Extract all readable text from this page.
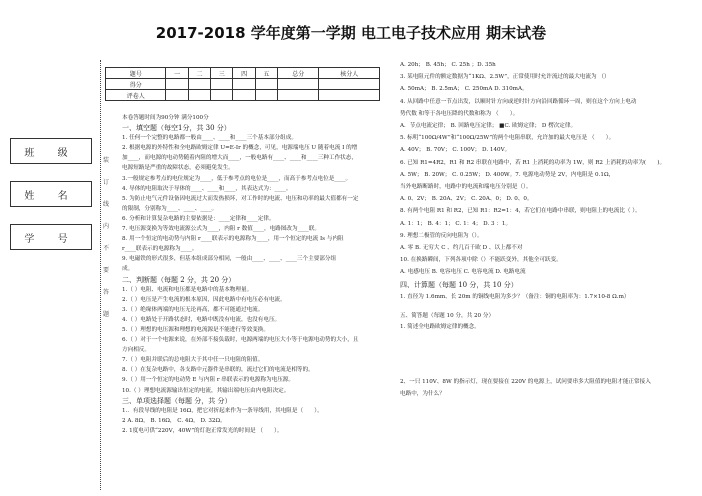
2017-2018 学年度第一学期 电工电子技术应用 期末试卷
班 级
姓 名
学 号
装订线内不要答题
题号	一	二	三	四	五	总分	核分人
得分							
评卷人							
本卷答题时间为90分钟 满分100分
一、填空题（每空1分，共 30 分）
1. 任何一个完整的电路都一般由____、____和____三个基本部分组成。
2. 根据电源的外特性和全电路欧姆定律 U=E-Ir 的概念，可见，电源端电压 U 随着电流 I 的增
加____，而电源的电动势随着内阻的增大而____，一般电路有____、____和____三种工作状态，
电源短路是严重的故障状态，必须避免发生。
3.一般规定参考点的电位规定为____，低于参考点的电位是____，而高于参考点电位是____。
4. 导体的电阻取决于导体的____、____和____，其表达式为：____。
5. 为防止电气元件设备因电流过大而发热损坏，对工作时的电流、电压和功率的最大值都有一定
的限制，分别称为____、____、____。
6. 分析和计算复杂电路的主要依据是：____定律和____定律。
7. 电压源变换为等效电流源公式为____，内阻 r 数值____，电路图改为____联。
8. 用一个恒定的电动势与内阻 r____联表示的电源称为____，用一个恒定的电流 Is 与内阻
r____联表示的电源称为____。
9. 电磁铁的形式很多，但基本组成部分相同，一般由____、____、____三个主要部分组
成。
二、判断题（每题 2 分，共 20 分）
1.（ ）电阻、电流和电压都是电路中的基本物理量。
2.（ ）电压是产生电流的根本原因，因此电路中有电压必有电流。
3.（ ）绝缘体两端的电压无论再高，都不可能通过电流。
4.（ ）电路处于开路状态时，电路中既没有电流，也没有电压。
5.（ ）理想的电压源和理想的电流源是不能进行等效变换。
6.（ ）对于一个电源来说，在外部不接负载时，电源两端的电压大小等于电源电动势的大小，且
方向相反。
7.（ ）电阻并联后的总电阻大于其中任一只电阻的阻值。
8.（ ）在复杂电路中，各支路中元器件是串联的，流过它们的电流是相等的。
9.（ ）用一个恒定的电动势 E 与内阻 r 串联表示的电源称为电压源。
10.（ ）理想电流源输出恒定的电流，其输出端电压由内电阻决定。
三、单项选择题（每题 分，共 分）
1.．有段导线的电阻是 16Ω，把它对折起来作为一条导线用，其电阻是（　　）。
2 A. 8Ω， B. 16Ω， C. 4Ω， D. 32Ω。
2. 1度电可供“220V，40W”的灯泡正常发光的时间是 （　　）。
A. 20h； B. 45h； C. 25h ；D. 35h
3. 某电阻元件的额定数据为“1KΩ、2.5W”，正常使用时允许流过的最大电流为 （）
A. 50mA； B. 2.5mA； C. 250mA D. 310mA。
4. 从回路中任意一节点出发，以顺时针方向或逆时针方向沿回路循环一周，则在这个方向上电动
势代数 和等于各电压降的代数和称为 （　　）。
A．节点电流定律； B. 回路电压定律； ■C. 欧姆定律； D 楞次定律。
5. 标明“100Ω/4W”和“100Ω/25W”的两个电阻串联，允许加的最大电压是 （　　）。
A. 40V； B. 70V； C. 100V； D. 140V。
6. 已知 R1=4R2，R1 和 R2 串联在电路中，若 R1 上消耗的功率为 1W，则 R2 上消耗的功率为(　　)。
A. 5W； B. 20W； C. 0.25W； D. 400W。7. 电源电动势是 2V，内电阻是 0.1Ω，
当外电路断路时，电路中的电流和端电压分别是（）。
A. 0、2V； B. 20A、2V； C. 20A、0； D. 0、0。
8. 有两个电阻 R1 和 R2，已知 R1：R2=1：4，若它们在电路中串联，则电阻上的电流比（ ）。
A. 1：1； B. 4：1； C. 1：4； D. 3 ：1。
9. 理想二极管的反向电阻为（）。
A. 零 B. 无穷大 C 、约几百千欧 D 、以上都不对
10. 在换路瞬间，下列各项中除（）不能跃变外，其他全可跃变。
A. 电感电压 B. 电容电压 C. 电容电流 D. 电路电流
四、计算题（每题 10 分，共 10 分）
1. 直径为 1.6mm、长 20m 的铜线电阻为多少？（备注：铜的电阻率为：1.7×10-8 Ω.m）
五、简答题（每题 10 分，共 20 分）
1. 简述全电路欧姆定律的概念。
2、一只 110V、8W 的指示灯，现在要接在 220V 的电源上，试问要串多大阻值的电阻才能正常接入
电路中，为什么？
